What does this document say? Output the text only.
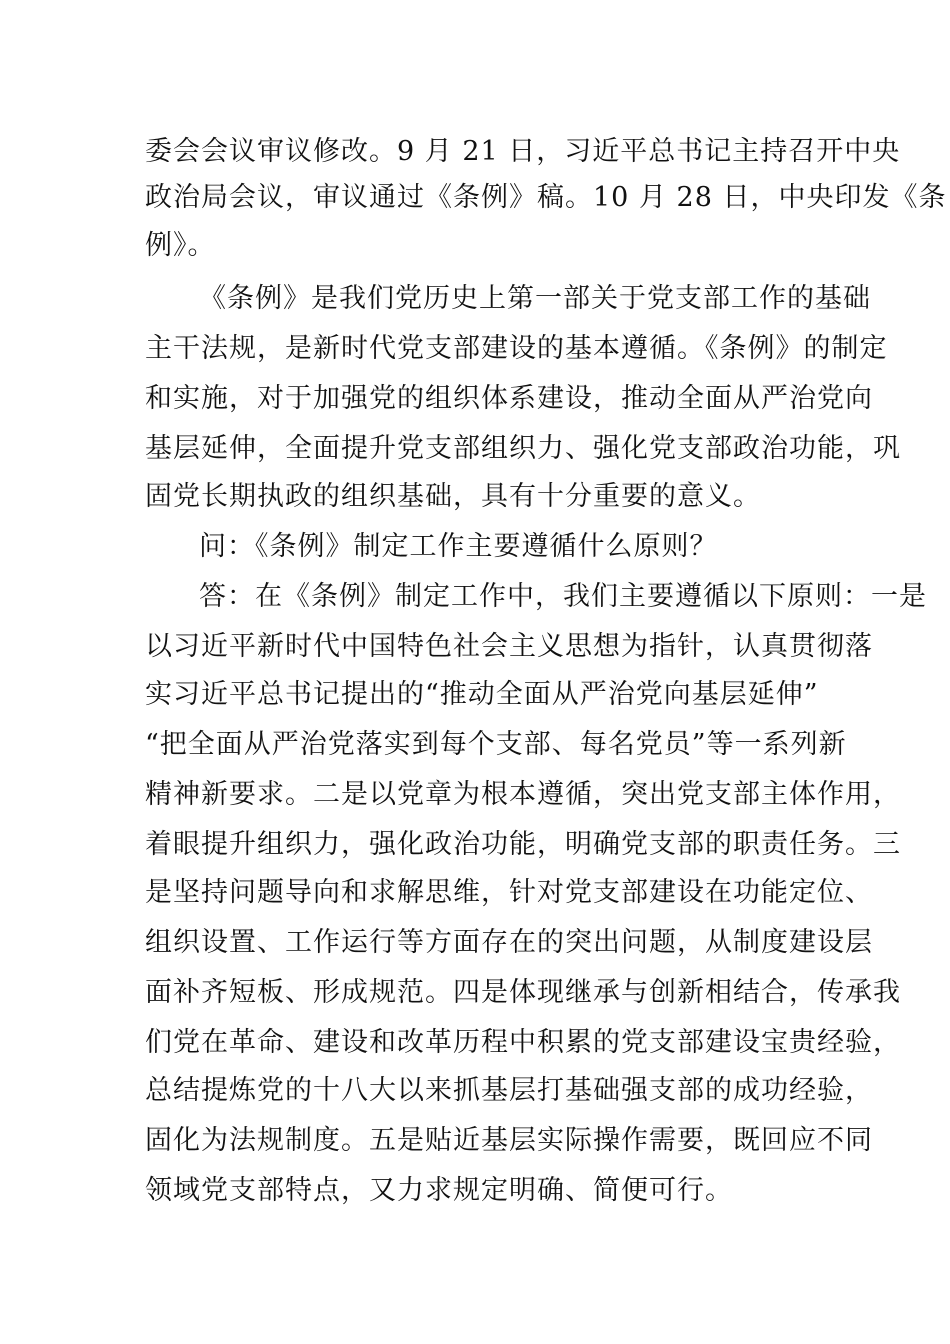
委会会议审议修改。9 月 21 日，习近平总书记主持召开中央
政治局会议，审议通过《条例》稿。10 月 28 日，中央印发《条
例》。
《条例》是我们党历史上第一部关于党支部工作的基础
主干法规，是新时代党支部建设的基本遵循。《条例》的制定
和实施，对于加强党的组织体系建设，推动全面从严治党向
基层延伸，全面提升党支部组织力、强化党支部政治功能，巩
固党长期执政的组织基础，具有十分重要的意义。
问：《条例》制定工作主要遵循什么原则？
答：在《条例》制定工作中，我们主要遵循以下原则：一是
以习近平新时代中国特色社会主义思想为指针，认真贯彻落
实习近平总书记提出的“推动全面从严治党向基层延伸”
“把全面从严治党落实到每个支部、每名党员”等一系列新
精神新要求。二是以党章为根本遵循，突出党支部主体作用，
着眼提升组织力，强化政治功能，明确党支部的职责任务。三
是坚持问题导向和求解思维，针对党支部建设在功能定位、
组织设置、工作运行等方面存在的突出问题，从制度建设层
面补齐短板、形成规范。四是体现继承与创新相结合，传承我
们党在革命、建设和改革历程中积累的党支部建设宝贵经验，
总结提炼党的十八大以来抓基层打基础强支部的成功经验，
固化为法规制度。五是贴近基层实际操作需要，既回应不同
领域党支部特点，又力求规定明确、简便可行。
